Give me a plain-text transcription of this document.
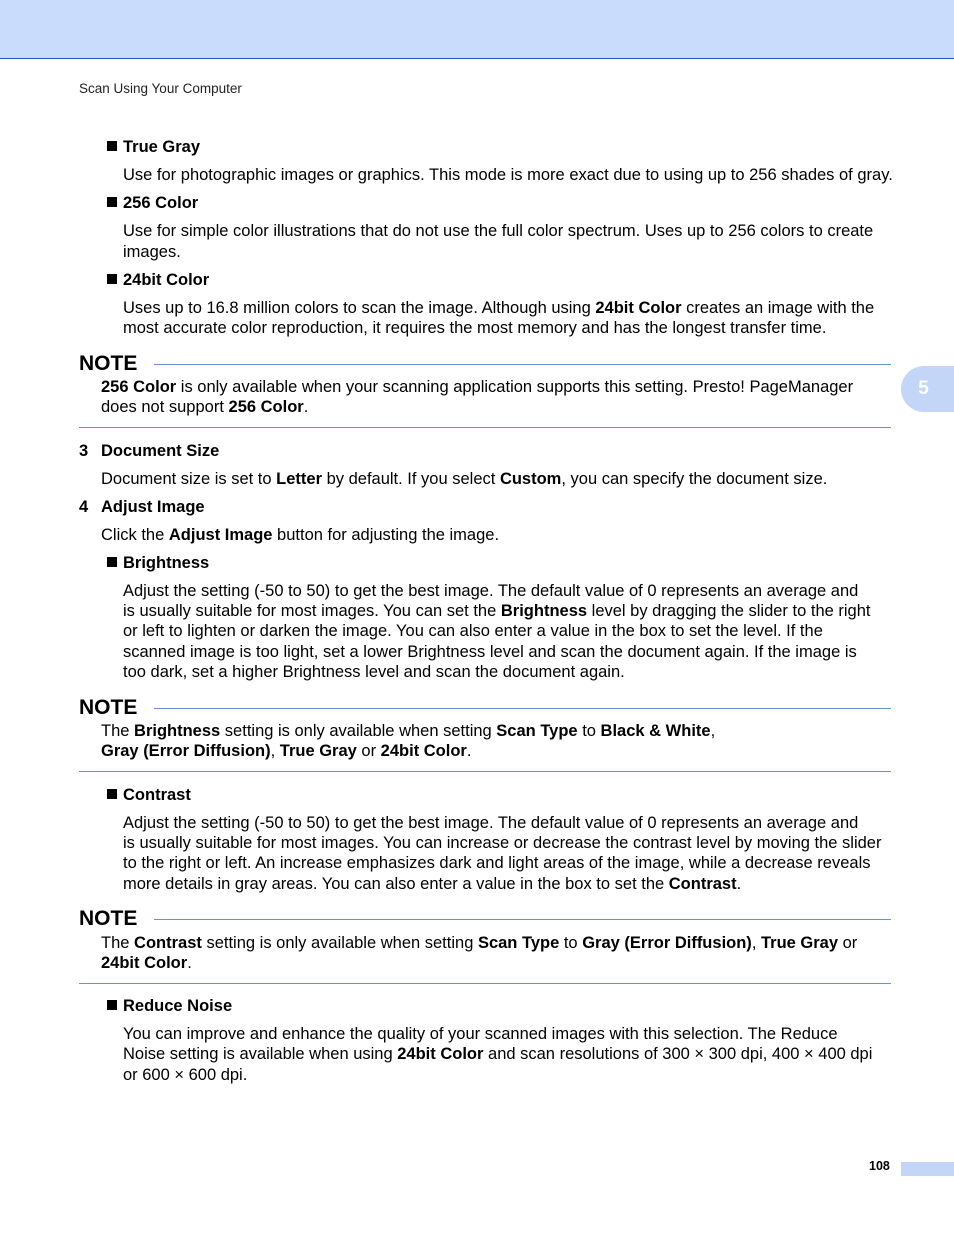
Scan Using Your Computer
5
True Gray
Use for photographic images or graphics. This mode is more exact due to using up to 256 shades of gray.
256 Color
Use for simple color illustrations that do not use the full color spectrum. Uses up to 256 colors to create
images.
24bit Color
Uses up to 16.8 million colors to scan the image. Although using 24bit Color creates an image with the
most accurate color reproduction, it requires the most memory and has the longest transfer time.
NOTE
256 Color is only available when your scanning application supports this setting. Presto! PageManager
does not support 256 Color.
3 Document Size
Document size is set to Letter by default. If you select Custom, you can specify the document size.
4 Adjust Image
Click the Adjust Image button for adjusting the image.
Brightness
Adjust the setting (-50 to 50) to get the best image. The default value of 0 represents an average and
is usually suitable for most images. You can set the Brightness level by dragging the slider to the right
or left to lighten or darken the image. You can also enter a value in the box to set the level. If the
scanned image is too light, set a lower Brightness level and scan the document again. If the image is
too dark, set a higher Brightness level and scan the document again.
NOTE
The Brightness setting is only available when setting Scan Type to Black & White,
Gray (Error Diffusion), True Gray or 24bit Color.
Contrast
Adjust the setting (-50 to 50) to get the best image. The default value of 0 represents an average and
is usually suitable for most images. You can increase or decrease the contrast level by moving the slider
to the right or left. An increase emphasizes dark and light areas of the image, while a decrease reveals
more details in gray areas. You can also enter a value in the box to set the Contrast.
NOTE
The Contrast setting is only available when setting Scan Type to Gray (Error Diffusion), True Gray or
24bit Color.
Reduce Noise
You can improve and enhance the quality of your scanned images with this selection. The Reduce
Noise setting is available when using 24bit Color and scan resolutions of 300 × 300 dpi, 400 × 400 dpi
or 600 × 600 dpi.
108
